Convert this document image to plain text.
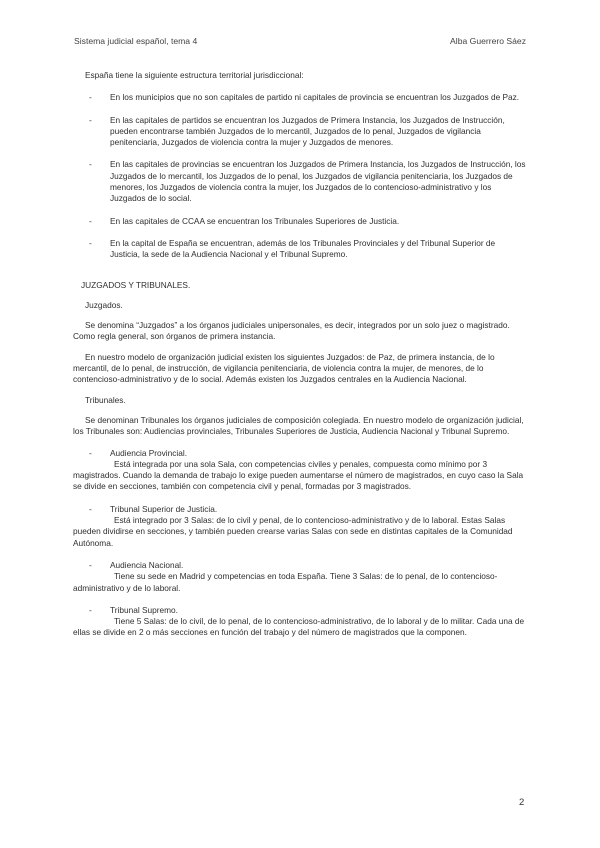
Sistema judicial español, tema 4	Alba Guerrero Sáez

España tiene la siguiente estructura territorial jurisdiccional:

- En los municipios que no son capitales de partido ni capitales de provincia se encuentran los Juzgados de Paz.
- En las capitales de partidos se encuentran los Juzgados de Primera Instancia, los Juzgados de Instrucción, pueden encontrarse también Juzgados de lo mercantil, Juzgados de lo penal, Juzgados de vigilancia penitenciaria, Juzgados de violencia contra la mujer y Juzgados de menores.
- En las capitales de provincias se encuentran los Juzgados de Primera Instancia, los Juzgados de Instrucción, los Juzgados de lo mercantil, los Juzgados de lo penal, los Juzgados de vigilancia penitenciaria, los Juzgados de menores, los Juzgados de violencia contra la mujer, los Juzgados de lo contencioso-administrativo y los Juzgados de lo social.
- En las capitales de CCAA se encuentran los Tribunales Superiores de Justicia.
- En la capital de España se encuentran, además de los Tribunales Provinciales y del Tribunal Superior de Justicia, la sede de la Audiencia Nacional y el Tribunal Supremo.

JUZGADOS Y TRIBUNALES.

Juzgados.

Se denomina “Juzgados” a los órganos judiciales unipersonales, es decir, integrados por un solo juez o magistrado. Como regla general, son órganos de primera instancia.

En nuestro modelo de organización judicial existen los siguientes Juzgados: de Paz, de primera instancia, de lo mercantil, de lo penal, de instrucción, de vigilancia penitenciaria, de violencia contra la mujer, de menores, de lo contencioso-administrativo y de lo social. Además existen los Juzgados centrales en la Audiencia Nacional.

Tribunales.

Se denominan Tribunales los órganos judiciales de composición colegiada. En nuestro modelo de organización judicial, los Tribunales son: Audiencias provinciales, Tribunales Superiores de Justicia, Audiencia Nacional y Tribunal Supremo.

- Audiencia Provincial.

Está integrada por una sola Sala, con competencias civiles y penales, compuesta como mínimo por 3 magistrados. Cuando la demanda de trabajo lo exige pueden aumentarse el número de magistrados, en cuyo caso la Sala se divide en secciones, también con competencia civil y penal, formadas por 3 magistrados.

- Tribunal Superior de Justicia.

Está integrado por 3 Salas: de lo civil y penal, de lo contencioso-administrativo y de lo laboral. Estas Salas pueden dividirse en secciones, y también pueden crearse varias Salas con sede en distintas capitales de la Comunidad Autónoma.

- Audiencia Nacional.

Tiene su sede en Madrid y competencias en toda España. Tiene 3 Salas: de lo penal, de lo contencioso-administrativo y de lo laboral.

- Tribunal Supremo.

Tiene 5 Salas: de lo civil, de lo penal, de lo contencioso-administrativo, de lo laboral y de lo militar. Cada una de ellas se divide en 2 o más secciones en función del trabajo y del número de magistrados que la componen.

2
